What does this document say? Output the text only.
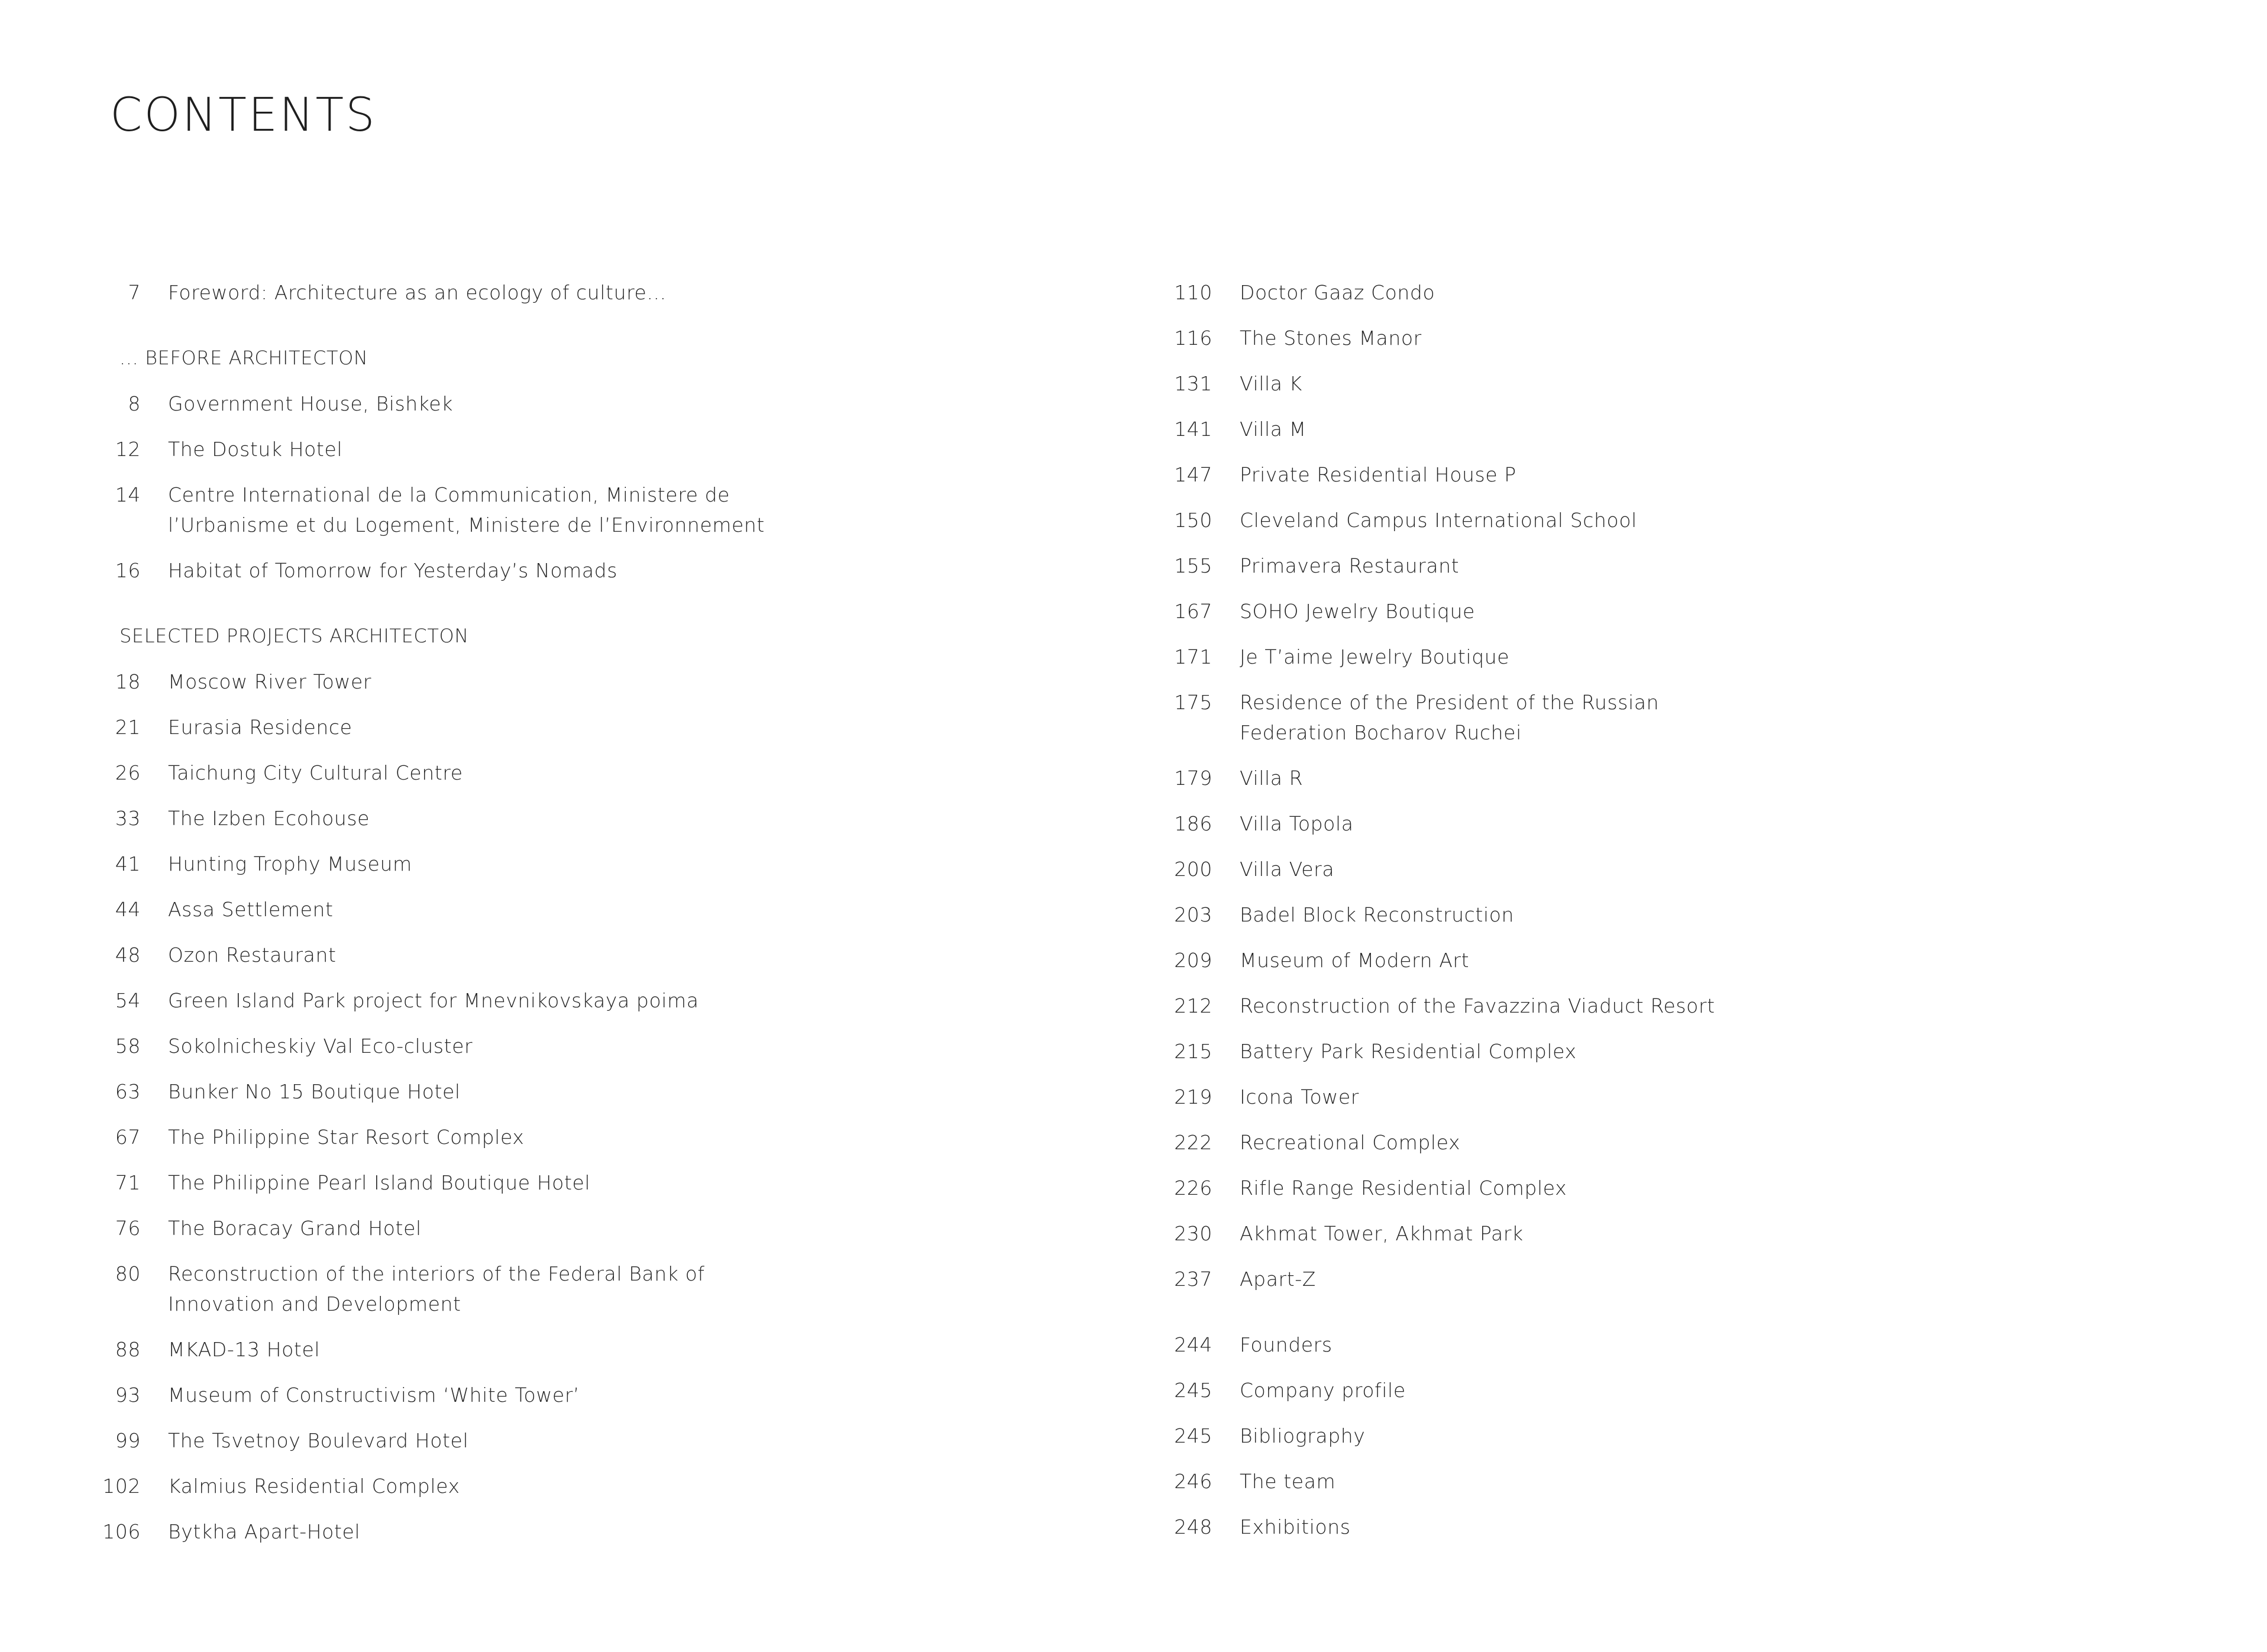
CONTENTS
7 Foreword: Architecture as an ecology of culture...
... BEFORE ARCHITECTON
8 Government House, Bishkek
12 The Dostuk Hotel
14 Centre International de la Communication, Ministere de
l’Urbanisme et du Logement, Ministere de l’Environnement
16 Habitat of Tomorrow for Yesterday’s Nomads
SELECTED PROJECTS ARCHITECTON
18 Moscow River Tower
21 Eurasia Residence
26 Taichung City Cultural Centre
33 The Izben Ecohouse
41 Hunting Trophy Museum
44 Assa Settlement
48 Ozon Restaurant
54 Green Island Park project for Mnevnikovskaya poima
58 Sokolnicheskiy Val Eco-cluster
63 Bunker No 15 Boutique Hotel
67 The Philippine Star Resort Complex
71 The Philippine Pearl Island Boutique Hotel
76 The Boracay Grand Hotel
80 Reconstruction of the interiors of the Federal Bank of
Innovation and Development
88 MKAD-13 Hotel
93 Museum of Constructivism ‘White Tower’
99 The Tsvetnoy Boulevard Hotel
102 Kalmius Residential Complex
106 Bytkha Apart-Hotel
110 Doctor Gaaz Condo
116 The Stones Manor
131 Villa K
141 Villa M
147 Private Residential House P
150 Cleveland Campus International School
155 Primavera Restaurant
167 SOHO Jewelry Boutique
171 Je T’aime Jewelry Boutique
175 Residence of the President of the Russian
Federation Bocharov Ruchei
179 Villa R
186 Villa Topola
200 Villa Vera
203 Badel Block Reconstruction
209 Museum of Modern Art
212 Reconstruction of the Favazzina Viaduct Resort
215 Battery Park Residential Complex
219 Icona Tower
222 Recreational Complex
226 Rifle Range Residential Complex
230 Akhmat Tower, Akhmat Park
237 Apart-Z
244 Founders
245 Company profile
245 Bibliography
246 The team
248 Exhibitions
